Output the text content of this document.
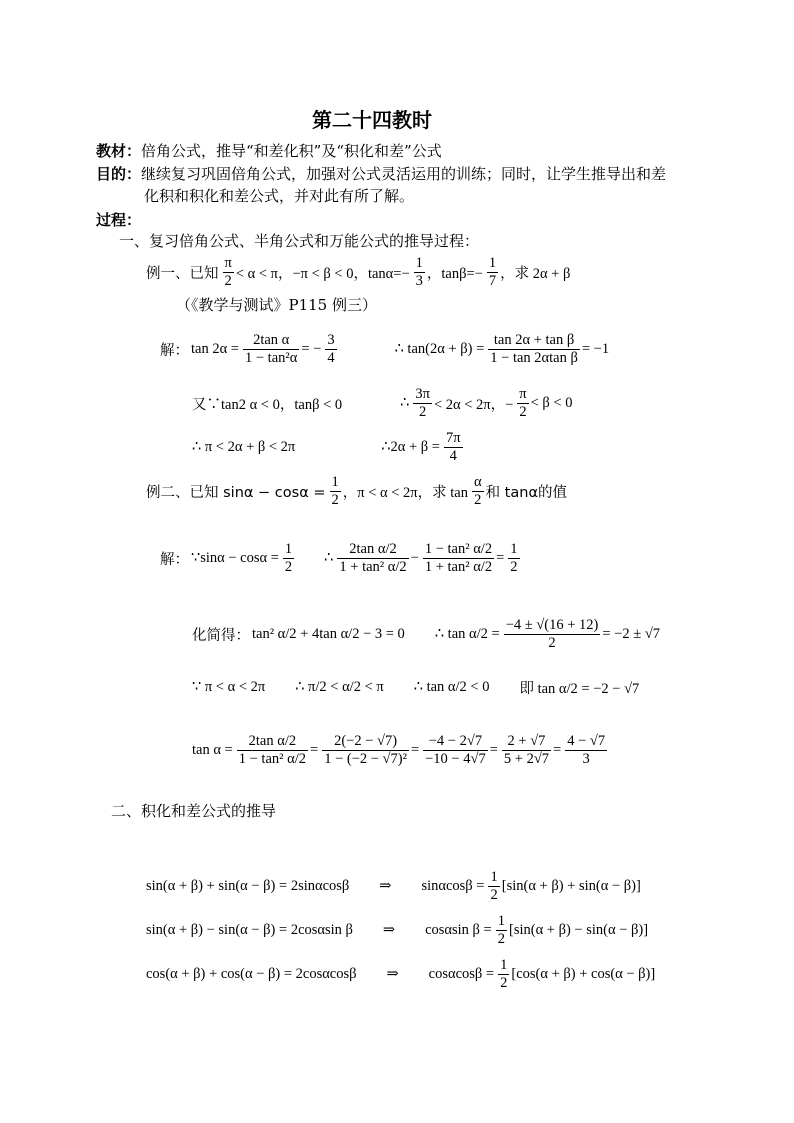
第二十四教时
教材：倍角公式，推导“和差化积”及“积化和差”公式
目的：继续复习巩固倍角公式，加强对公式灵活运用的训练；同时，让学生推导出和差
化积和积化和差公式，并对此有所了解。
过程：
一、复习倍角公式、半角公式和万能公式的推导过程：
例一、已知 $\frac{\pi}{2} < \alpha < \pi$，−π < β < 0，$\tan\alpha=- \frac{1}{3}$ ，$\tan\beta=- \frac{1}{7}$ ，求 2α + β
（《教学与测试》P115 例三）
解： $\tan 2\alpha = \frac{\text{2tan α}}{\text{1 − tan²α}}$ = − $\frac{3}{4}$	∴ $\tan(2\alpha + \beta) = \frac{\text{tan 2α + tan β}}{\text{1 − tan 2αtan β}} = -1$
又∵tan2 α < 0，tanβ < 0	∴ $\frac{3\pi}{2} < 2\alpha < 2\pi$，− $\frac{\pi}{2} < \beta < 0$
∴ π < 2α + β < 2π	∴2α + $\beta = \frac{7\pi}{4}$
例二、已知 $\sin\alpha - \cos\alpha = \frac{1}{2}$ ，π < α < 2π，求 $\tan \frac{\alpha}{2}$ 和 tanα的值
解： ∵sinα − $\cos\alpha = \frac{1}{2}$ ∴ $\frac{\text{2tan α/2}}{\text{1 + tan² α/2}} - \frac{\text{1 − tan² α/2}}{\text{1 + tan² α/2}} = \frac{1}{2}$
化简得： tan² α/2 + 4tan α/2 − 3 = 0 ∴ $\tan \alpha/2 = \frac{-4 \pm √(16 + 12)}{2} = -2 \pm √7$
∵ π < α < 2π ∴ π/2 < α/2 < π ∴ tan α/2 < 0 即 tan α/2 = −2 − √7
$\tan \alpha = \frac{\text{2tan α/2}}{\text{1 − tan² α/2}} = \frac{2(-2 - √7)}{\text{1 − (−2 − √7)²}} = \frac{-4 - 2√7}{-10 - 4√7} = \frac{2 + √7}{5 + 2√7} = \frac{4 - √7}{3}$
二、积化和差公式的推导
sin(α + β) + sin(α − β) = 2sinαcosβ ⇒ $\sin\alpha\cos\beta = \frac{1}{2} [\sin(\alpha + \beta) + \sin(\alpha - \beta)]$
sin(α + β) − sin(α − β) = 2cosαsin β ⇒ cosαsin $\beta = \frac{1}{2} [\sin(\alpha + \beta) - \sin(\alpha - \beta)]$
cos(α + β) + cos(α − β) = 2cosαcosβ ⇒ $\cos\alpha\cos\beta = \frac{1}{2} [\cos(\alpha + \beta) + \cos(\alpha - \beta)]$
